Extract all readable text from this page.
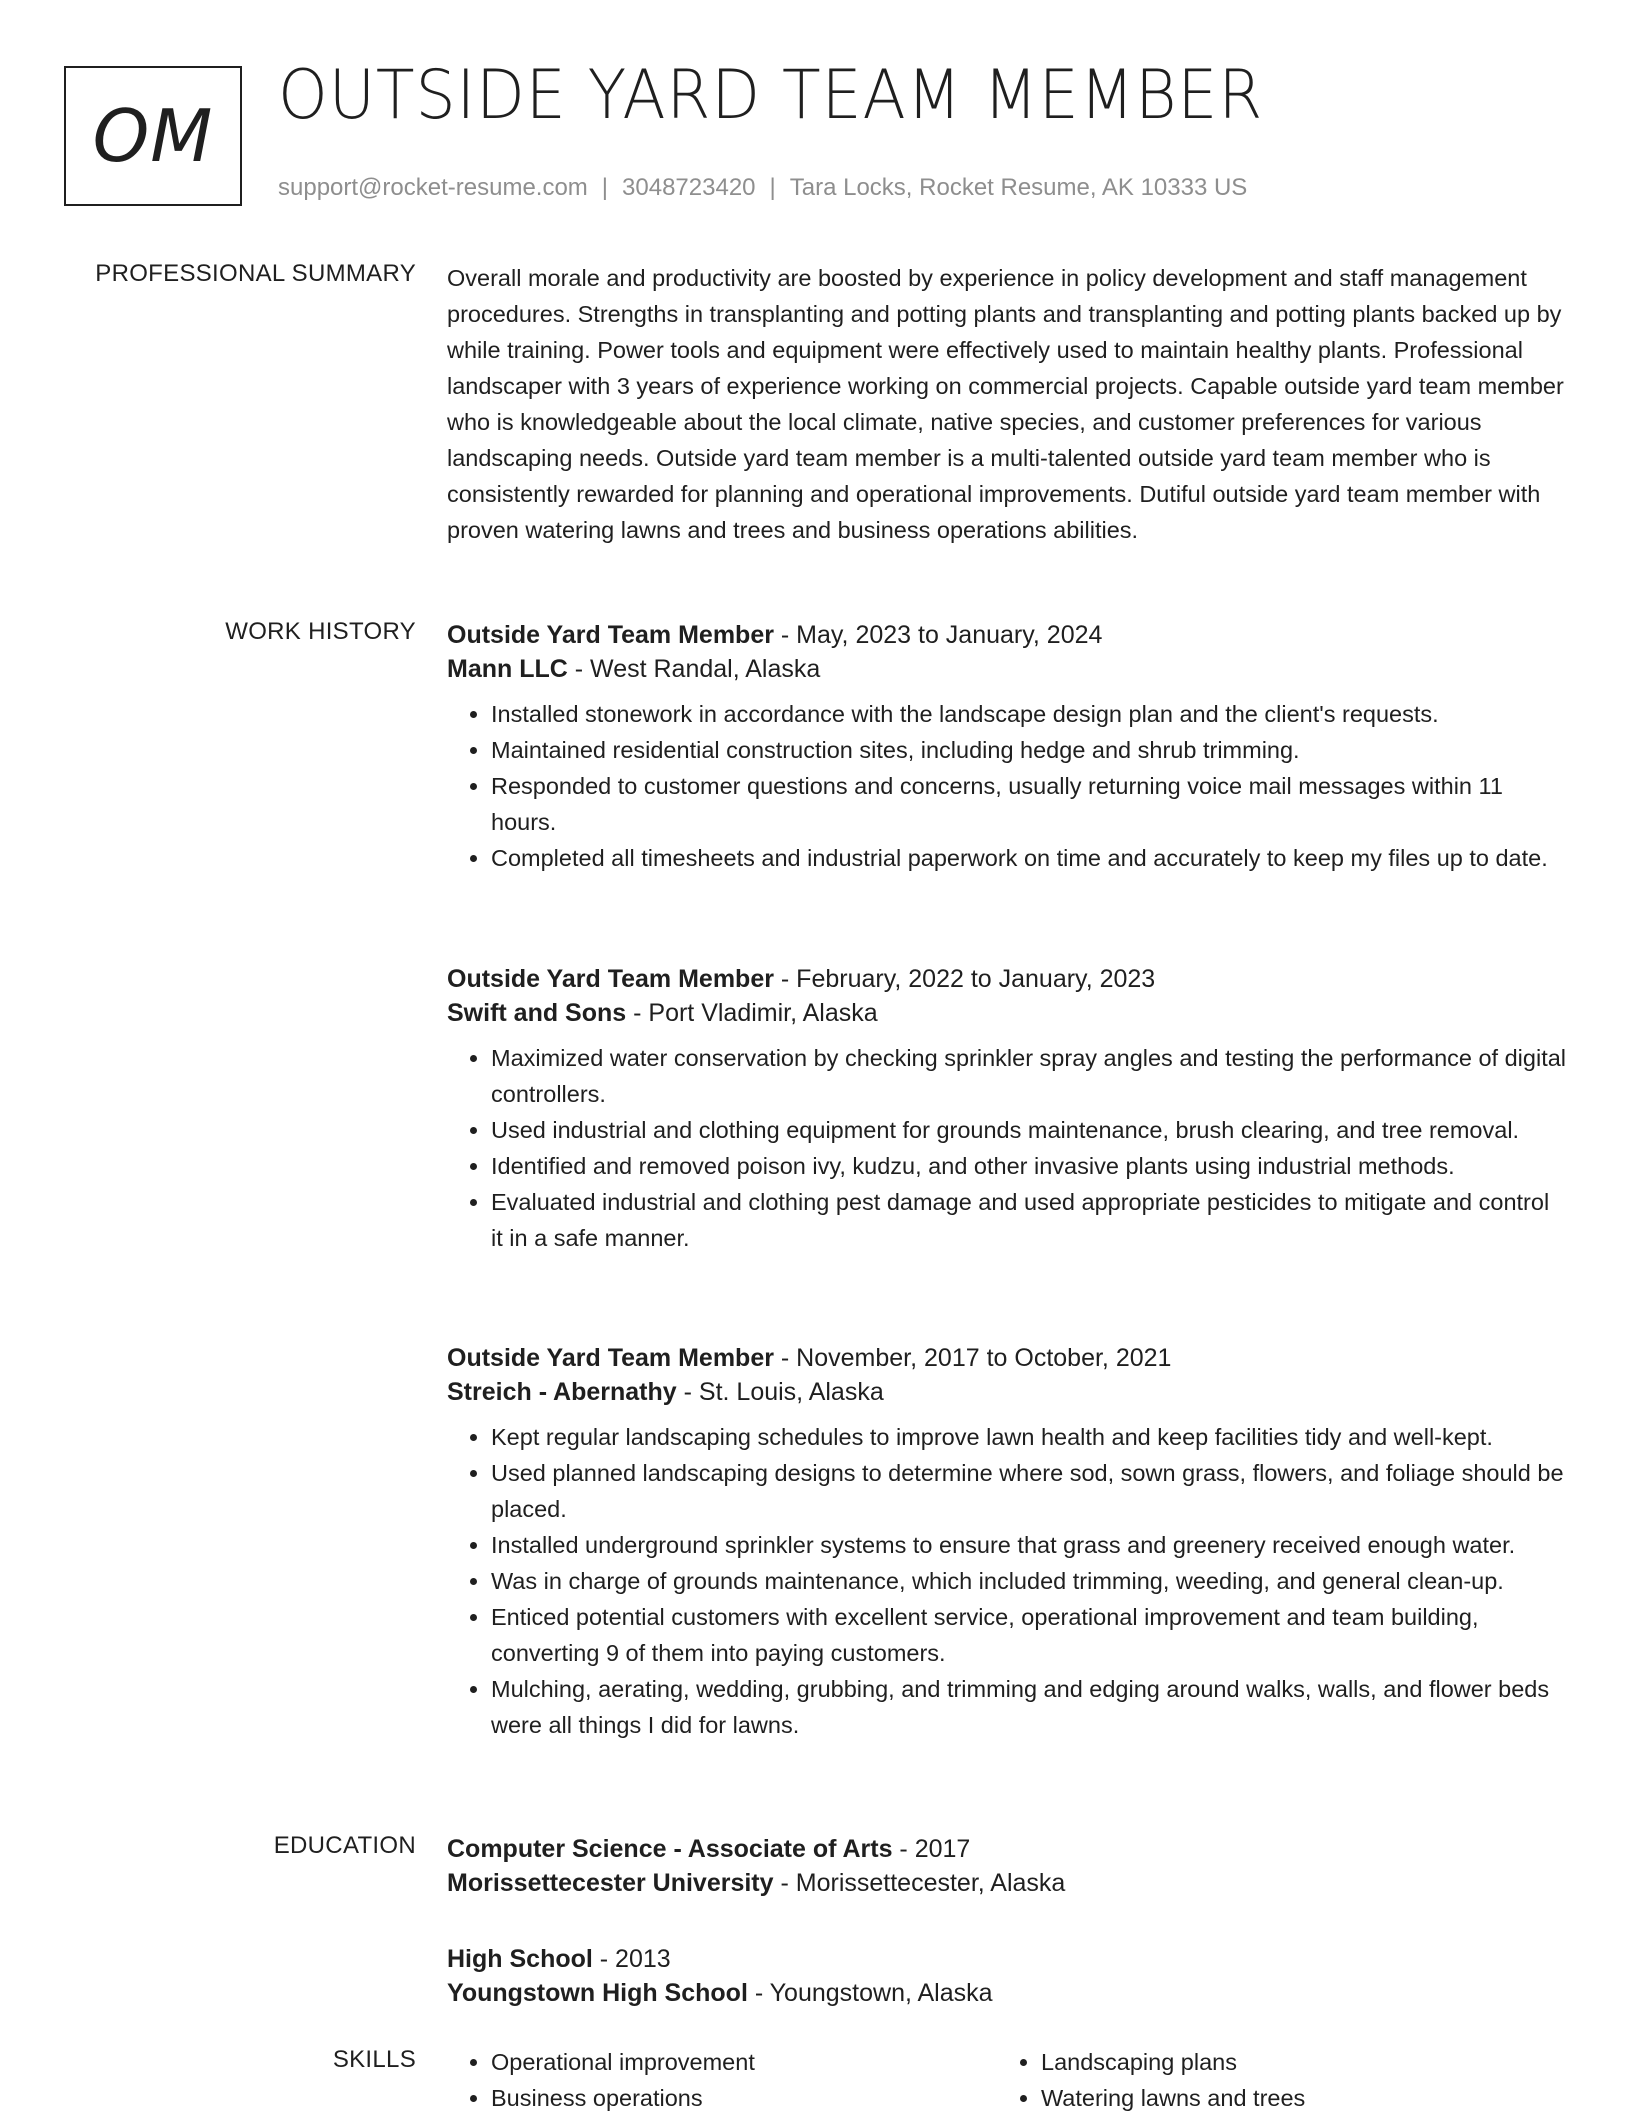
OM OUTSIDE YARD TEAM MEMBER
support@rocket-resume.com | 3048723420 | Tara Locks, Rocket Resume, AK 10333 US
PROFESSIONAL SUMMARY Overall morale and productivity are boosted by experience in policy development and staff management procedures. Strengths in transplanting and potting plants and transplanting and potting plants backed up by while training. Power tools and equipment were effectively used to maintain healthy plants. Professional landscaper with 3 years of experience working on commercial projects. Capable outside yard team member who is knowledgeable about the local climate, native species, and customer preferences for various landscaping needs. Outside yard team member is a multi-talented outside yard team member who is consistently rewarded for planning and operational improvements. Dutiful outside yard team member with proven watering lawns and trees and business operations abilities.

WORK HISTORY Outside Yard Team Member - May, 2023 to January, 2024
Mann LLC - West Randal, Alaska
• Installed stonework in accordance with the landscape design plan and the client's requests.
• Maintained residential construction sites, including hedge and shrub trimming.
• Responded to customer questions and concerns, usually returning voice mail messages within 11 hours.
• Completed all timesheets and industrial paperwork on time and accurately to keep my files up to date.
Outside Yard Team Member - February, 2022 to January, 2023
Swift and Sons - Port Vladimir, Alaska
• Maximized water conservation by checking sprinkler spray angles and testing the performance of digital controllers.
• Used industrial and clothing equipment for grounds maintenance, brush clearing, and tree removal.
• Identified and removed poison ivy, kudzu, and other invasive plants using industrial methods.
• Evaluated industrial and clothing pest damage and used appropriate pesticides to mitigate and control it in a safe manner.
Outside Yard Team Member - November, 2017 to October, 2021
Streich - Abernathy - St. Louis, Alaska
• Kept regular landscaping schedules to improve lawn health and keep facilities tidy and well-kept.
• Used planned landscaping designs to determine where sod, sown grass, flowers, and foliage should be placed.
• Installed underground sprinkler systems to ensure that grass and greenery received enough water.
• Was in charge of grounds maintenance, which included trimming, weeding, and general clean-up.
• Enticed potential customers with excellent service, operational improvement and team building, converting 9 of them into paying customers.
• Mulching, aerating, wedding, grubbing, and trimming and edging around walks, walls, and flower beds were all things I did for lawns.
EDUCATION Computer Science - Associate of Arts - 2017
Morissettecester University - Morissettecester, Alaska
High School - 2013
Youngstown High School - Youngstown, Alaska
SKILLS
•	Operational improvement
• Business operations
• Landscaping plans
• Watering lawns and trees
